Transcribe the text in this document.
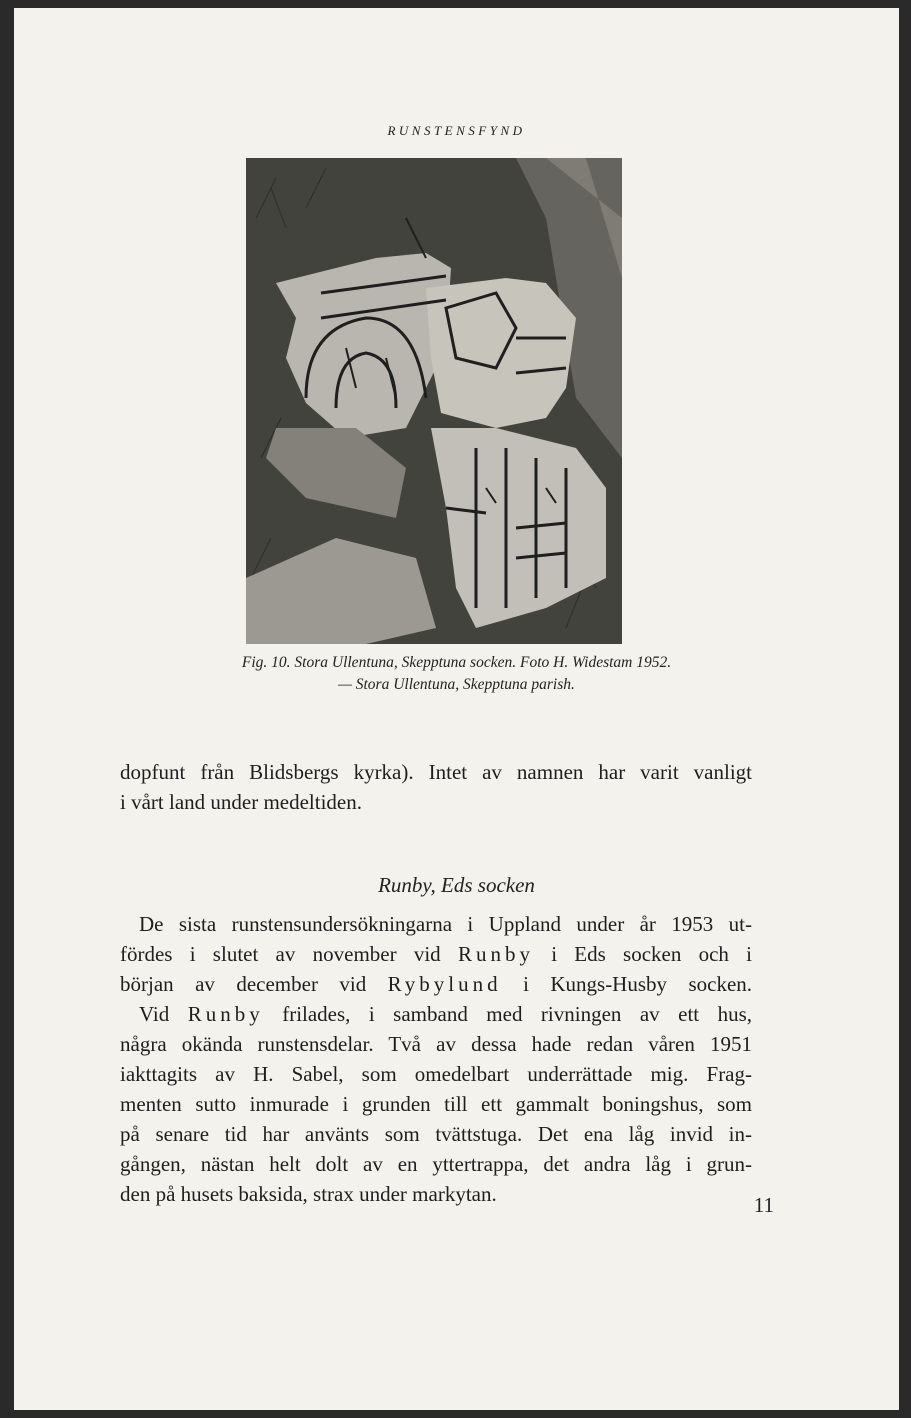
RUNSTENSFYND
Fig. 10. Stora Ullentuna, Skepptuna socken. Foto H. Widestam 1952.
— Stora Ullentuna, Skepptuna parish.
dopfunt från Blidsbergs kyrka). Intet av namnen har varit vanligt
i vårt land under medeltiden.
Runby, Eds socken
De sista runstensundersökningarna i Uppland under år 1953 ut-
fördes i slutet av november vid Runby i Eds socken och i
början av december vid Rybylund i Kungs-Husby socken.
Vid Runby frilades, i samband med rivningen av ett hus,
några okända runstensdelar. Två av dessa hade redan våren 1951
iakttagits av H. Sabel, som omedelbart underrättade mig. Frag-
menten sutto inmurade i grunden till ett gammalt boningshus, som
på senare tid har använts som tvättstuga. Det ena låg invid in-
gången, nästan helt dolt av en yttertrappa, det andra låg i grun-
den på husets baksida, strax under markytan.	11
